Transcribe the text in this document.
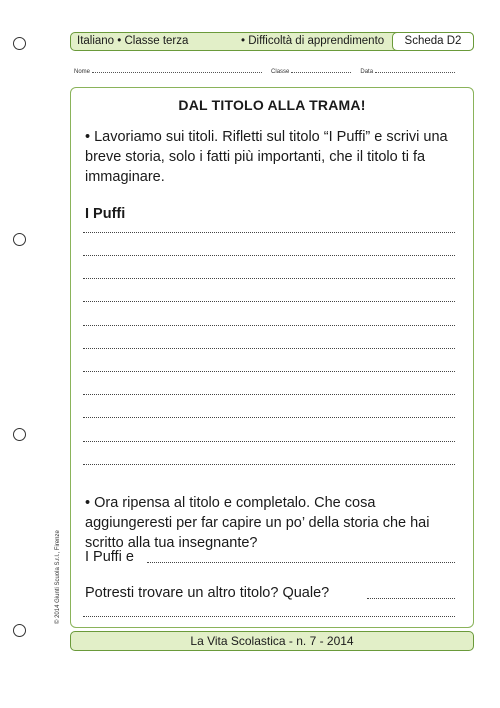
Italiano • Classe terza	• Difficoltà di apprendimento	Scheda D2
Nome	Classe	Data
DAL TITOLO ALLA TRAMA!
• Lavoriamo sui titoli. Rifletti sul titolo “I Puffi” e scrivi una breve storia, solo i fatti più importanti, che il titolo ti fa immaginare.
I Puffi
• Ora ripensa al titolo e completalo. Che cosa aggiungeresti per far capire un po’ della storia che hai scritto alla tua insegnante?
I Puffi e
Potresti trovare un altro titolo? Quale?
La Vita Scolastica - n. 7 - 2014
© 2014 Giunti Scuola S.r.l., Firenze
